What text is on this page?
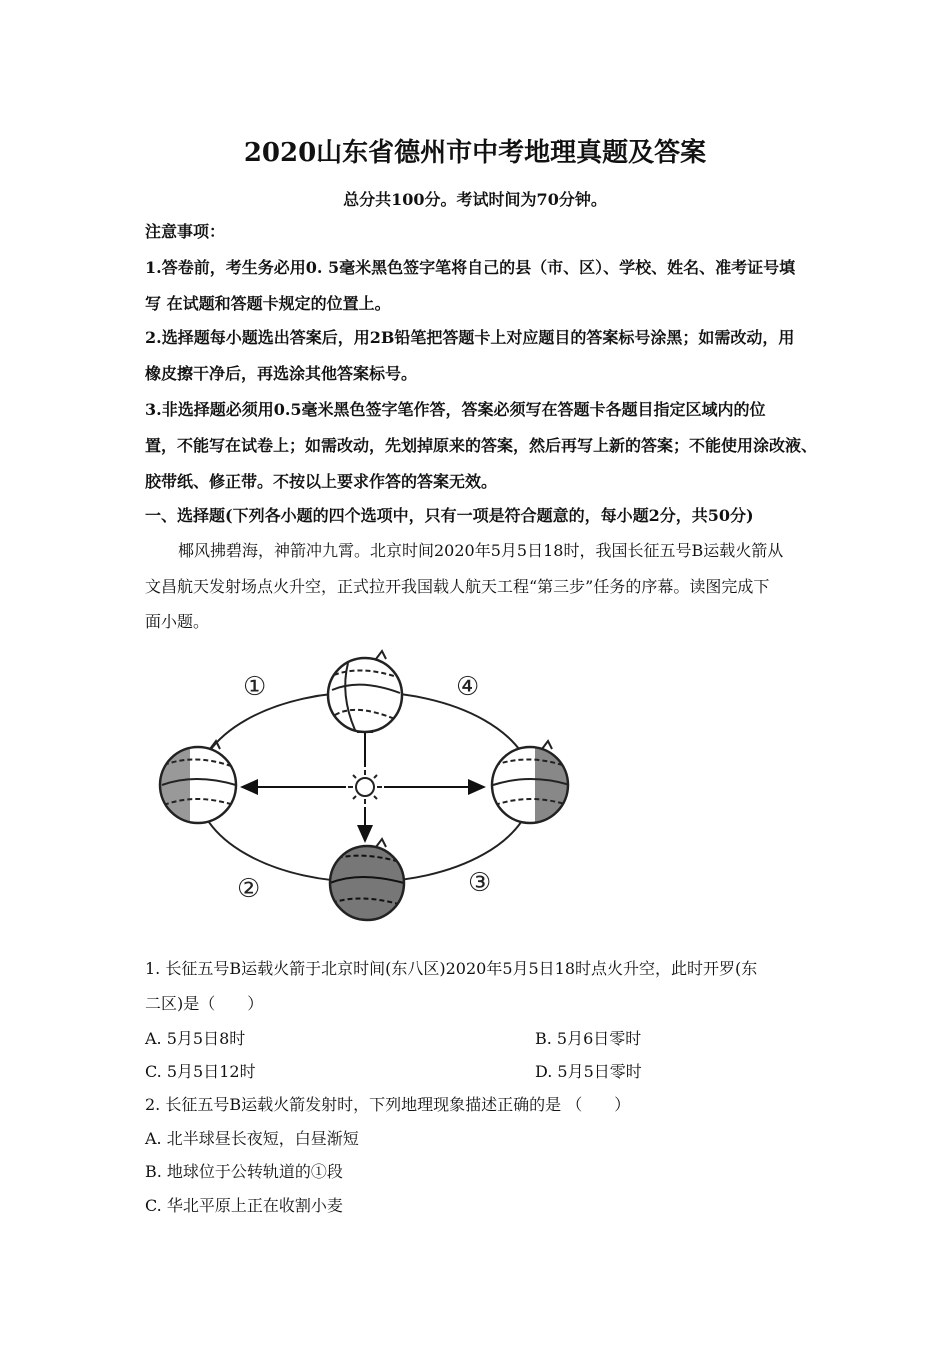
2020山东省德州市中考地理真题及答案
总分共100分。考试时间为70分钟。
注意事项：
1.答卷前，考生务必用0. 5毫米黑色签字笔将自己的县（市、区）、学校、姓名、准考证号填
写 在试题和答题卡规定的位置上。
2.选择题每小题选出答案后，用2B铅笔把答题卡上对应题目的答案标号涂黑；如需改动，用
橡皮擦干净后，再选涂其他答案标号。
3.非选择题必须用0.5毫米黑色签字笔作答，答案必须写在答题卡各题目指定区域内的位
置，不能写在试卷上；如需改动，先划掉原来的答案，然后再写上新的答案；不能使用涂改液、
胶带纸、修正带。不按以上要求作答的答案无效。
一、选择题(下列各小题的四个选项中，只有一项是符合题意的，每小题2分，共50分)
椰风拂碧海，神箭冲九霄。北京时间2020年5月5日18时，我国长征五号B运载火箭从
文昌航天发射场点火升空，正式拉开我国载人航天工程“第三步”任务的序幕。读图完成下
面小题。
①
②	③
④
1. 长征五号B运载火箭于北京时间(东八区)2020年5月5日18时点火升空，此时开罗(东
二区)是（　　）
A. 5月5日8时	B. 5月6日零时
C. 5月5日12时	D. 5月5日零时
2. 长征五号B运载火箭发射时，下列地理现象描述正确的是 （　　）
A. 北半球昼长夜短，白昼渐短
B. 地球位于公转轨道的①段
C. 华北平原上正在收割小麦
